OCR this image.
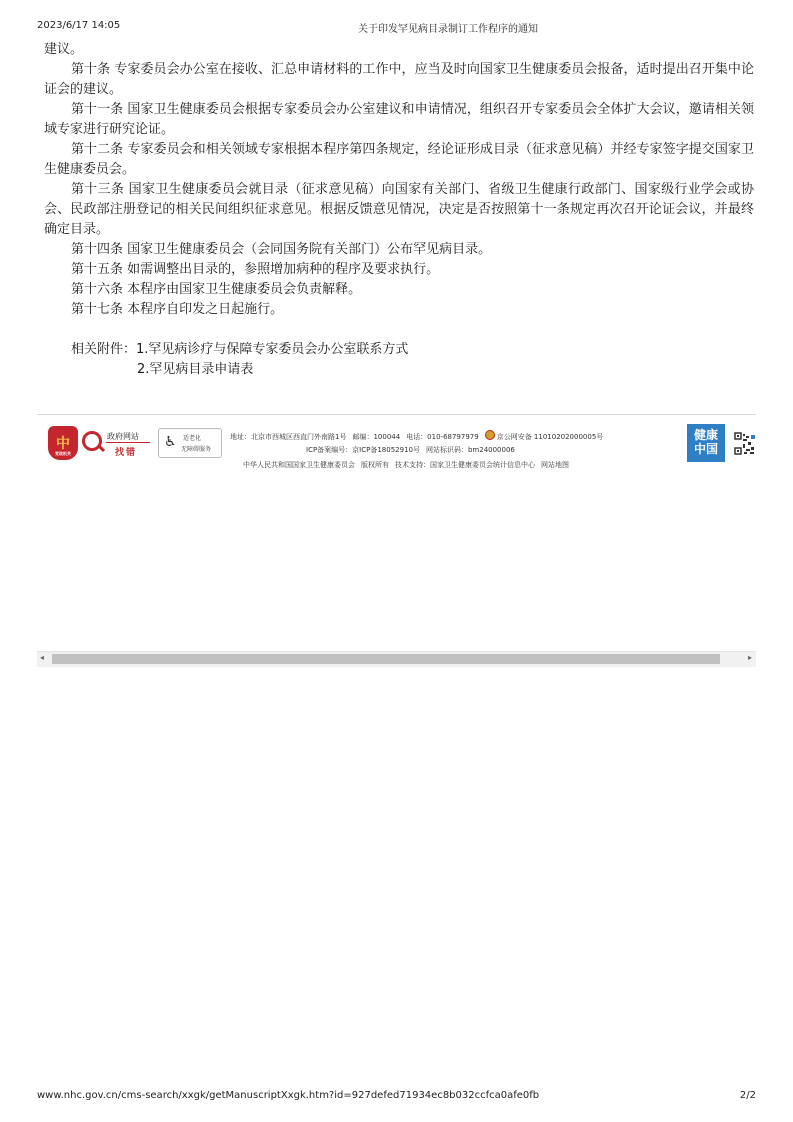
2023/6/17 14:05	关于印发罕见病目录制订工作程序的通知

建议。

第十条 专家委员会办公室在接收、汇总申请材料的工作中，应当及时向国家卫生健康委员会报备，适时提出召开集中论证会的建议。

第十一条 国家卫生健康委员会根据专家委员会办公室建议和申请情况，组织召开专家委员会全体扩大会议，邀请相关领域专家进行研究论证。

第十二条 专家委员会和相关领域专家根据本程序第四条规定，经论证形成目录（征求意见稿）并经专家签字提交国家卫生健康委员会。

第十三条 国家卫生健康委员会就目录（征求意见稿）向国家有关部门、省级卫生健康行政部门、国家级行业学会或协会、民政部注册登记的相关民间组织征求意见。根据反馈意见情况，决定是否按照第十一条规定再次召开论证会议，并最终确定目录。

第十四条 国家卫生健康委员会（会同国务院有关部门）公布罕见病目录。

第十五条 如需调整出目录的，参照增加病种的程序及要求执行。

第十六条 本程序由国家卫生健康委员会负责解释。

第十七条 本程序自印发之日起施行。

相关附件：1.罕见病诊疗与保障专家委员会办公室联系方式

2.罕见病目录申请表

中
党政机关
政府网站
找错
♿ 适老化
无障碍服务
地址：北京市西城区西直门外南路1号 邮编：100044 电话：010-68797979	京公网安备 11010202000005号
ICP备案编号：京ICP备18052910号 网站标识码：bm24000006
中华人民共和国国家卫生健康委员会 版权所有 技术支持：国家卫生健康委员会统计信息中心 网站地图
健康
中国
◂	▸
www.nhc.gov.cn/cms-search/xxgk/getManuscriptXxgk.htm?id=927defed71934ec8b032ccfca0afe0fb	2/2
